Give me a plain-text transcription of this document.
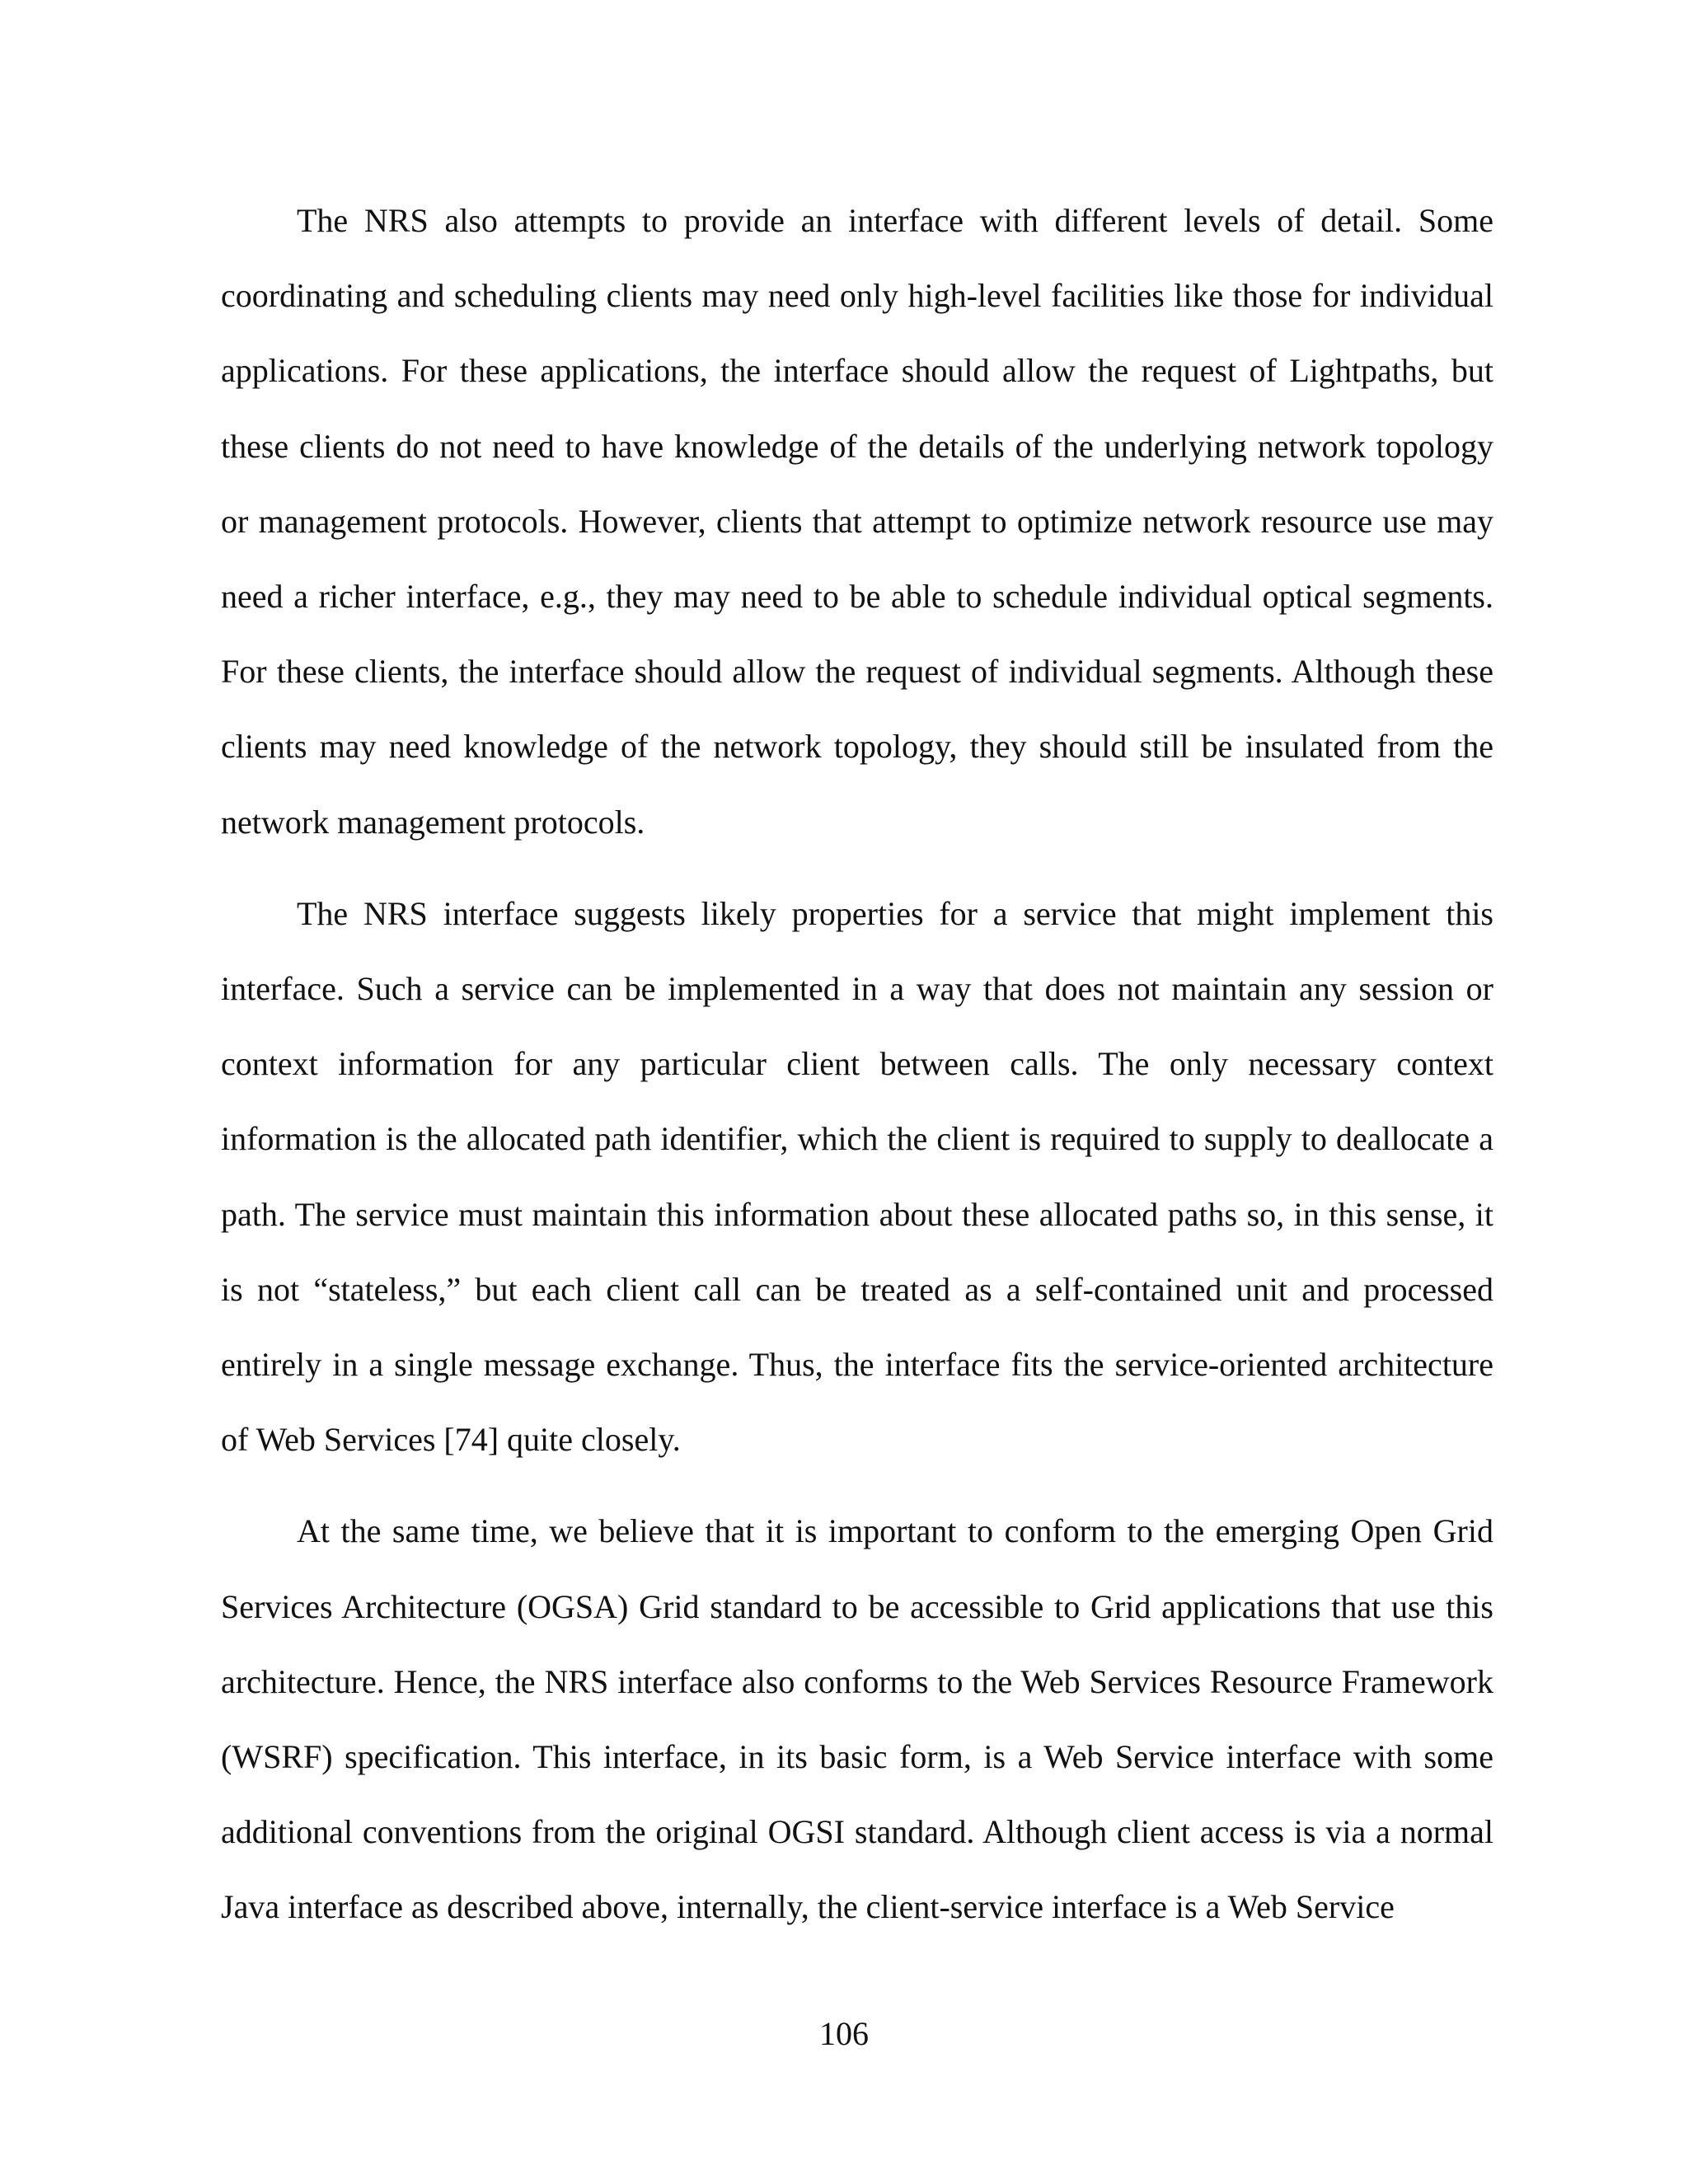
The NRS also attempts to provide an interface with different levels of detail. Some coordinating and scheduling clients may need only high-level facilities like those for individual applications. For these applications, the interface should allow the request of Lightpaths, but these clients do not need to have knowledge of the details of the underlying network topology or management protocols. However, clients that attempt to optimize network resource use may need a richer interface, e.g., they may need to be able to schedule individual optical segments. For these clients, the interface should allow the request of individual segments. Although these clients may need knowledge of the network topology, they should still be insulated from the network management protocols.

The NRS interface suggests likely properties for a service that might implement this interface. Such a service can be implemented in a way that does not maintain any session or context information for any particular client between calls. The only necessary context information is the allocated path identifier, which the client is required to supply to deallocate a path. The service must maintain this information about these allocated paths so, in this sense, it is not “stateless,” but each client call can be treated as a self-contained unit and processed entirely in a single message exchange. Thus, the interface fits the service-oriented architecture of Web Services [74] quite closely.

At the same time, we believe that it is important to conform to the emerging Open Grid Services Architecture (OGSA) Grid standard to be accessible to Grid applications that use this architecture. Hence, the NRS interface also conforms to the Web Services Resource Framework (WSRF) specification. This interface, in its basic form, is a Web Service interface with some additional conventions from the original OGSI standard. Although client access is via a normal Java interface as described above, internally, the client-service interface is a Web Service

106
